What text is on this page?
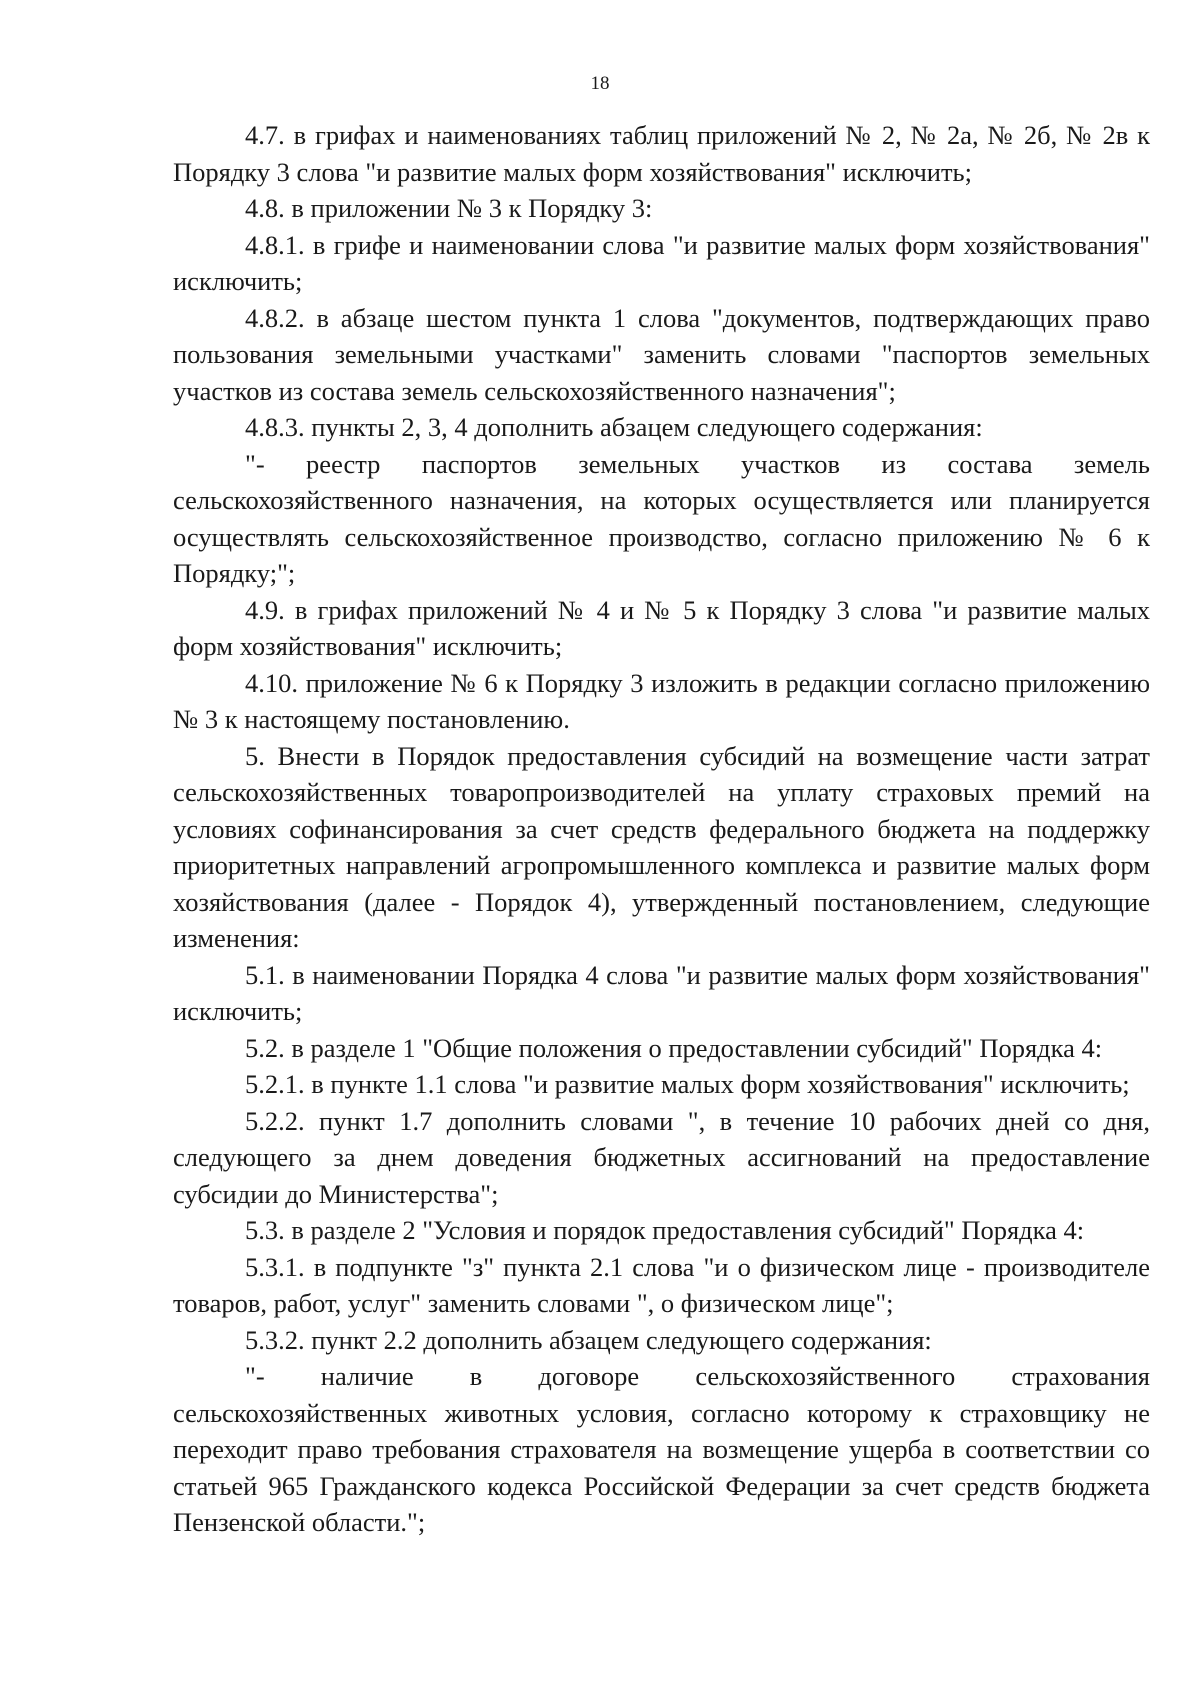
18

4.7. в грифах и наименованиях таблиц приложений № 2, № 2а, № 2б, № 2в к Порядку 3 слова "и развитие малых форм хозяйствования" исключить;

4.8. в приложении № 3 к Порядку 3:

4.8.1. в грифе и наименовании слова "и развитие малых форм хозяйствования" исключить;

4.8.2. в абзаце шестом пункта 1 слова "документов, подтверждающих право пользования земельными участками" заменить словами "паспортов земельных участков из состава земель сельскохозяйственного назначения";

4.8.3. пункты 2, 3, 4 дополнить абзацем следующего содержания:

"- реестр паспортов земельных участков из состава земель сельскохозяйственного назначения, на которых осуществляется или планируется осуществлять сельскохозяйственное производство, согласно приложению № 6 к Порядку;";

4.9. в грифах приложений № 4 и № 5 к Порядку 3 слова "и развитие малых форм хозяйствования" исключить;

4.10. приложение № 6 к Порядку 3 изложить в редакции согласно приложению № 3 к настоящему постановлению.

5. Внести в Порядок предоставления субсидий на возмещение части затрат сельскохозяйственных товаропроизводителей на уплату страховых премий на условиях софинансирования за счет средств федерального бюджета на поддержку приоритетных направлений агропромышленного комплекса и развитие малых форм хозяйствования (далее - Порядок 4), утвержденный постановлением, следующие изменения:

5.1. в наименовании Порядка 4 слова "и развитие малых форм хозяйствования" исключить;

5.2. в разделе 1 "Общие положения о предоставлении субсидий" Порядка 4:

5.2.1. в пункте 1.1 слова "и развитие малых форм хозяйствования" исключить;

5.2.2. пункт 1.7 дополнить словами ", в течение 10 рабочих дней со дня, следующего за днем доведения бюджетных ассигнований на предоставление субсидии до Министерства";

5.3. в разделе 2 "Условия и порядок предоставления субсидий" Порядка 4:

5.3.1. в подпункте "з" пункта 2.1 слова "и о физическом лице - производителе товаров, работ, услуг" заменить словами ", о физическом лице";

5.3.2. пункт 2.2 дополнить абзацем следующего содержания:

"- наличие в договоре сельскохозяйственного страхования сельскохозяйственных животных условия, согласно которому к страховщику не переходит право требования страхователя на возмещение ущерба в соответствии со статьей 965 Гражданского кодекса Российской Федерации за счет средств бюджета Пензенской области.";
